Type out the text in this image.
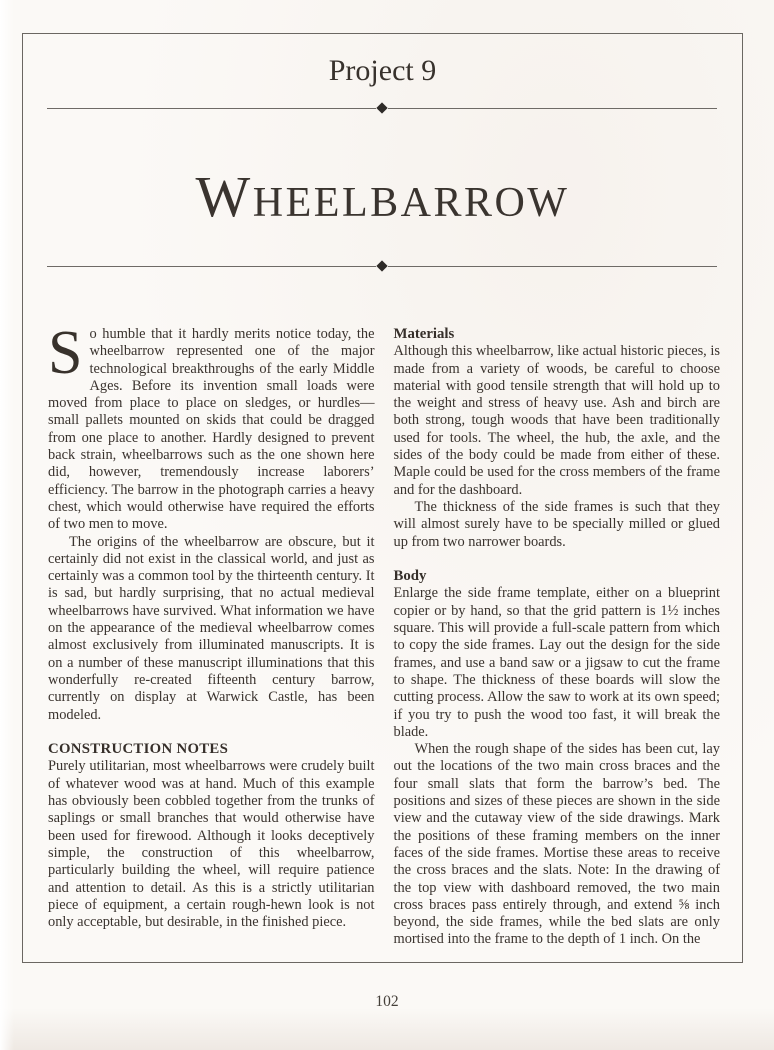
Project 9
WHEELBARROW

So humble that it hardly merits notice today, the wheelbarrow represented one of the major technological breakthroughs of the early Middle Ages. Before its invention small loads were moved from place to place on sledges, or hurdles—small pallets mounted on skids that could be dragged from one place to another. Hardly designed to prevent back strain, wheelbarrows such as the one shown here did, however, tremendously increase laborers’ efficiency. The barrow in the photograph carries a heavy chest, which would otherwise have required the efforts of two men to move.

The origins of the wheelbarrow are obscure, but it certainly did not exist in the classical world, and just as certainly was a common tool by the thirteenth century. It is sad, but hardly surprising, that no actual medieval wheelbarrows have survived. What information we have on the appearance of the medieval wheelbarrow comes almost exclusively from illuminated manuscripts. It is on a number of these manuscript illuminations that this wonderfully re-created fifteenth century barrow, currently on display at Warwick Castle, has been modeled.

CONSTRUCTION NOTES

Purely utilitarian, most wheelbarrows were crudely built of whatever wood was at hand. Much of this example has obviously been cobbled together from the trunks of saplings or small branches that would otherwise have been used for firewood. Although it looks deceptively simple, the construction of this wheelbarrow, particularly building the wheel, will require patience and attention to detail. As this is a strictly utilitarian piece of equipment, a certain rough-hewn look is not only acceptable, but desirable, in the finished piece.

Materials

Although this wheelbarrow, like actual historic pieces, is made from a variety of woods, be careful to choose material with good tensile strength that will hold up to the weight and stress of heavy use. Ash and birch are both strong, tough woods that have been traditionally used for tools. The wheel, the hub, the axle, and the sides of the body could be made from either of these. Maple could be used for the cross members of the frame and for the dashboard.

The thickness of the side frames is such that they will almost surely have to be specially milled or glued up from two narrower boards.

Body

Enlarge the side frame template, either on a blueprint copier or by hand, so that the grid pattern is 1½ inches square. This will provide a full-scale pattern from which to copy the side frames. Lay out the design for the side frames, and use a band saw or a jigsaw to cut the frame to shape. The thickness of these boards will slow the cutting process. Allow the saw to work at its own speed; if you try to push the wood too fast, it will break the blade.

When the rough shape of the sides has been cut, lay out the locations of the two main cross braces and the four small slats that form the barrow’s bed. The positions and sizes of these pieces are shown in the side view and the cutaway view of the side drawings. Mark the positions of these framing members on the inner faces of the side frames. Mortise these areas to receive the cross braces and the slats. Note: In the drawing of the top view with dashboard removed, the two main cross braces pass entirely through, and extend ⅝ inch beyond, the side frames, while the bed slats are only mortised into the frame to the depth of 1 inch. On the

102
